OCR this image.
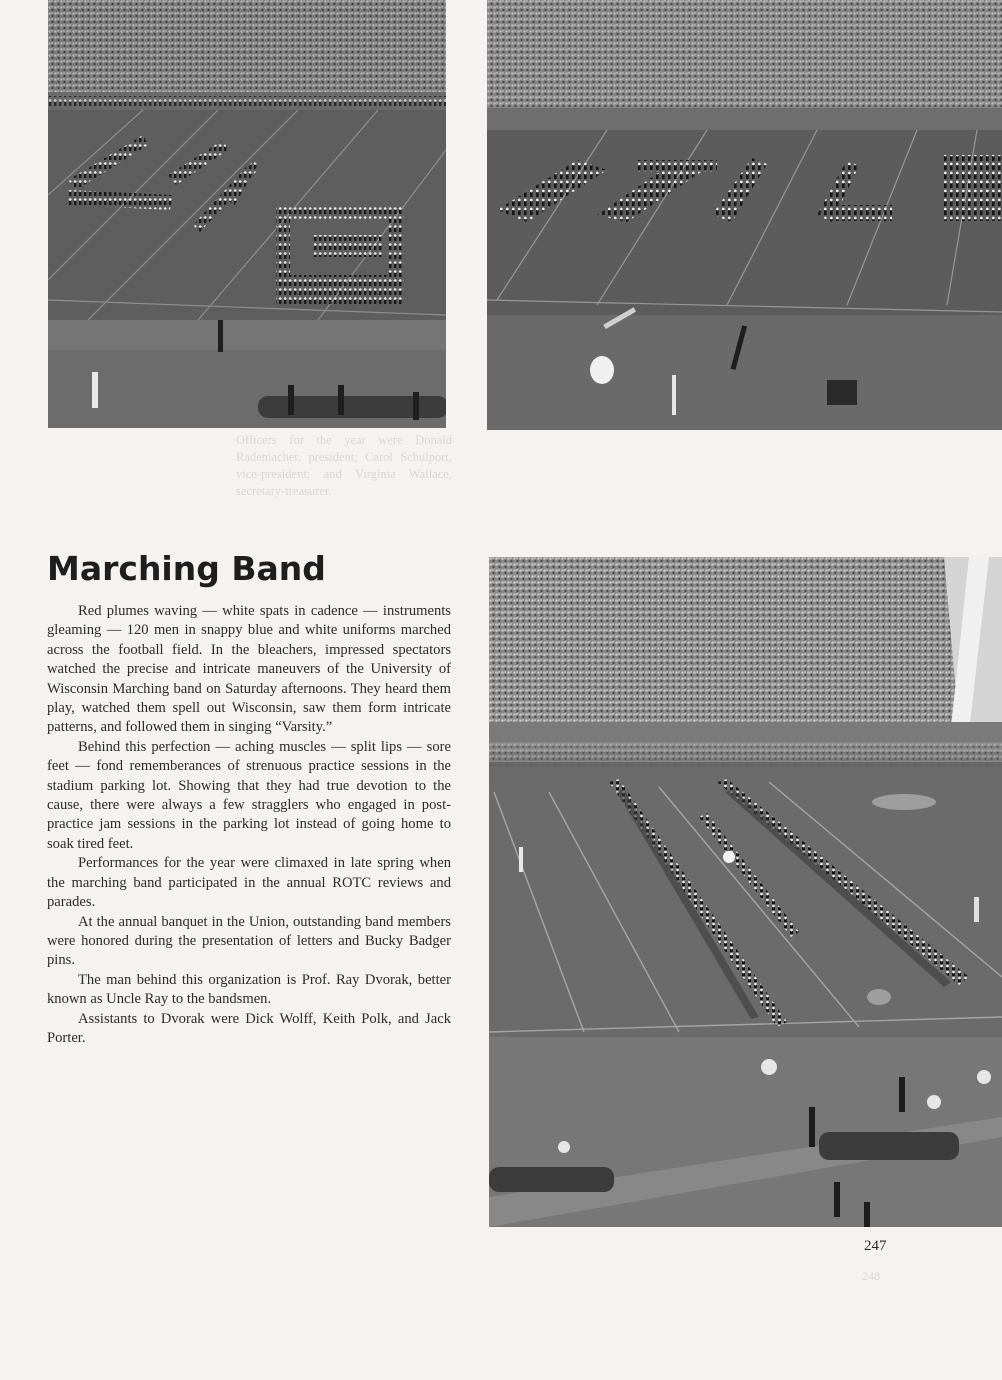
Officers for the year were Donald Rademacher, president; Carol Schulport, vice-president; and Virginia Wallace, secretary-treasurer.
248
Marching Band

Red plumes waving — white spats in cadence — instruments gleaming — 120 men in snappy blue and white uniforms marched across the football field. In the bleachers, impressed spectators watched the precise and intricate maneuvers of the University of Wisconsin Marching band on Saturday afternoons. They heard them play, watched them spell out Wisconsin, saw them form intricate patterns, and followed them in singing “Varsity.”

Behind this perfection — aching muscles — split lips — sore feet — fond rememberances of strenuous practice sessions in the stadium parking lot. Showing that they had true devotion to the cause, there were always a few stragglers who engaged in post-practice jam sessions in the parking lot instead of going home to soak tired feet.

Performances for the year were climaxed in late spring when the marching band participated in the annual ROTC reviews and parades.

At the annual banquet in the Union, outstanding band members were honored during the presentation of letters and Bucky Badger pins.

The man behind this organization is Prof. Ray Dvorak, better known as Uncle Ray to the bandsmen.

Assistants to Dvorak were Dick Wolff, Keith Polk, and Jack Porter.

247
